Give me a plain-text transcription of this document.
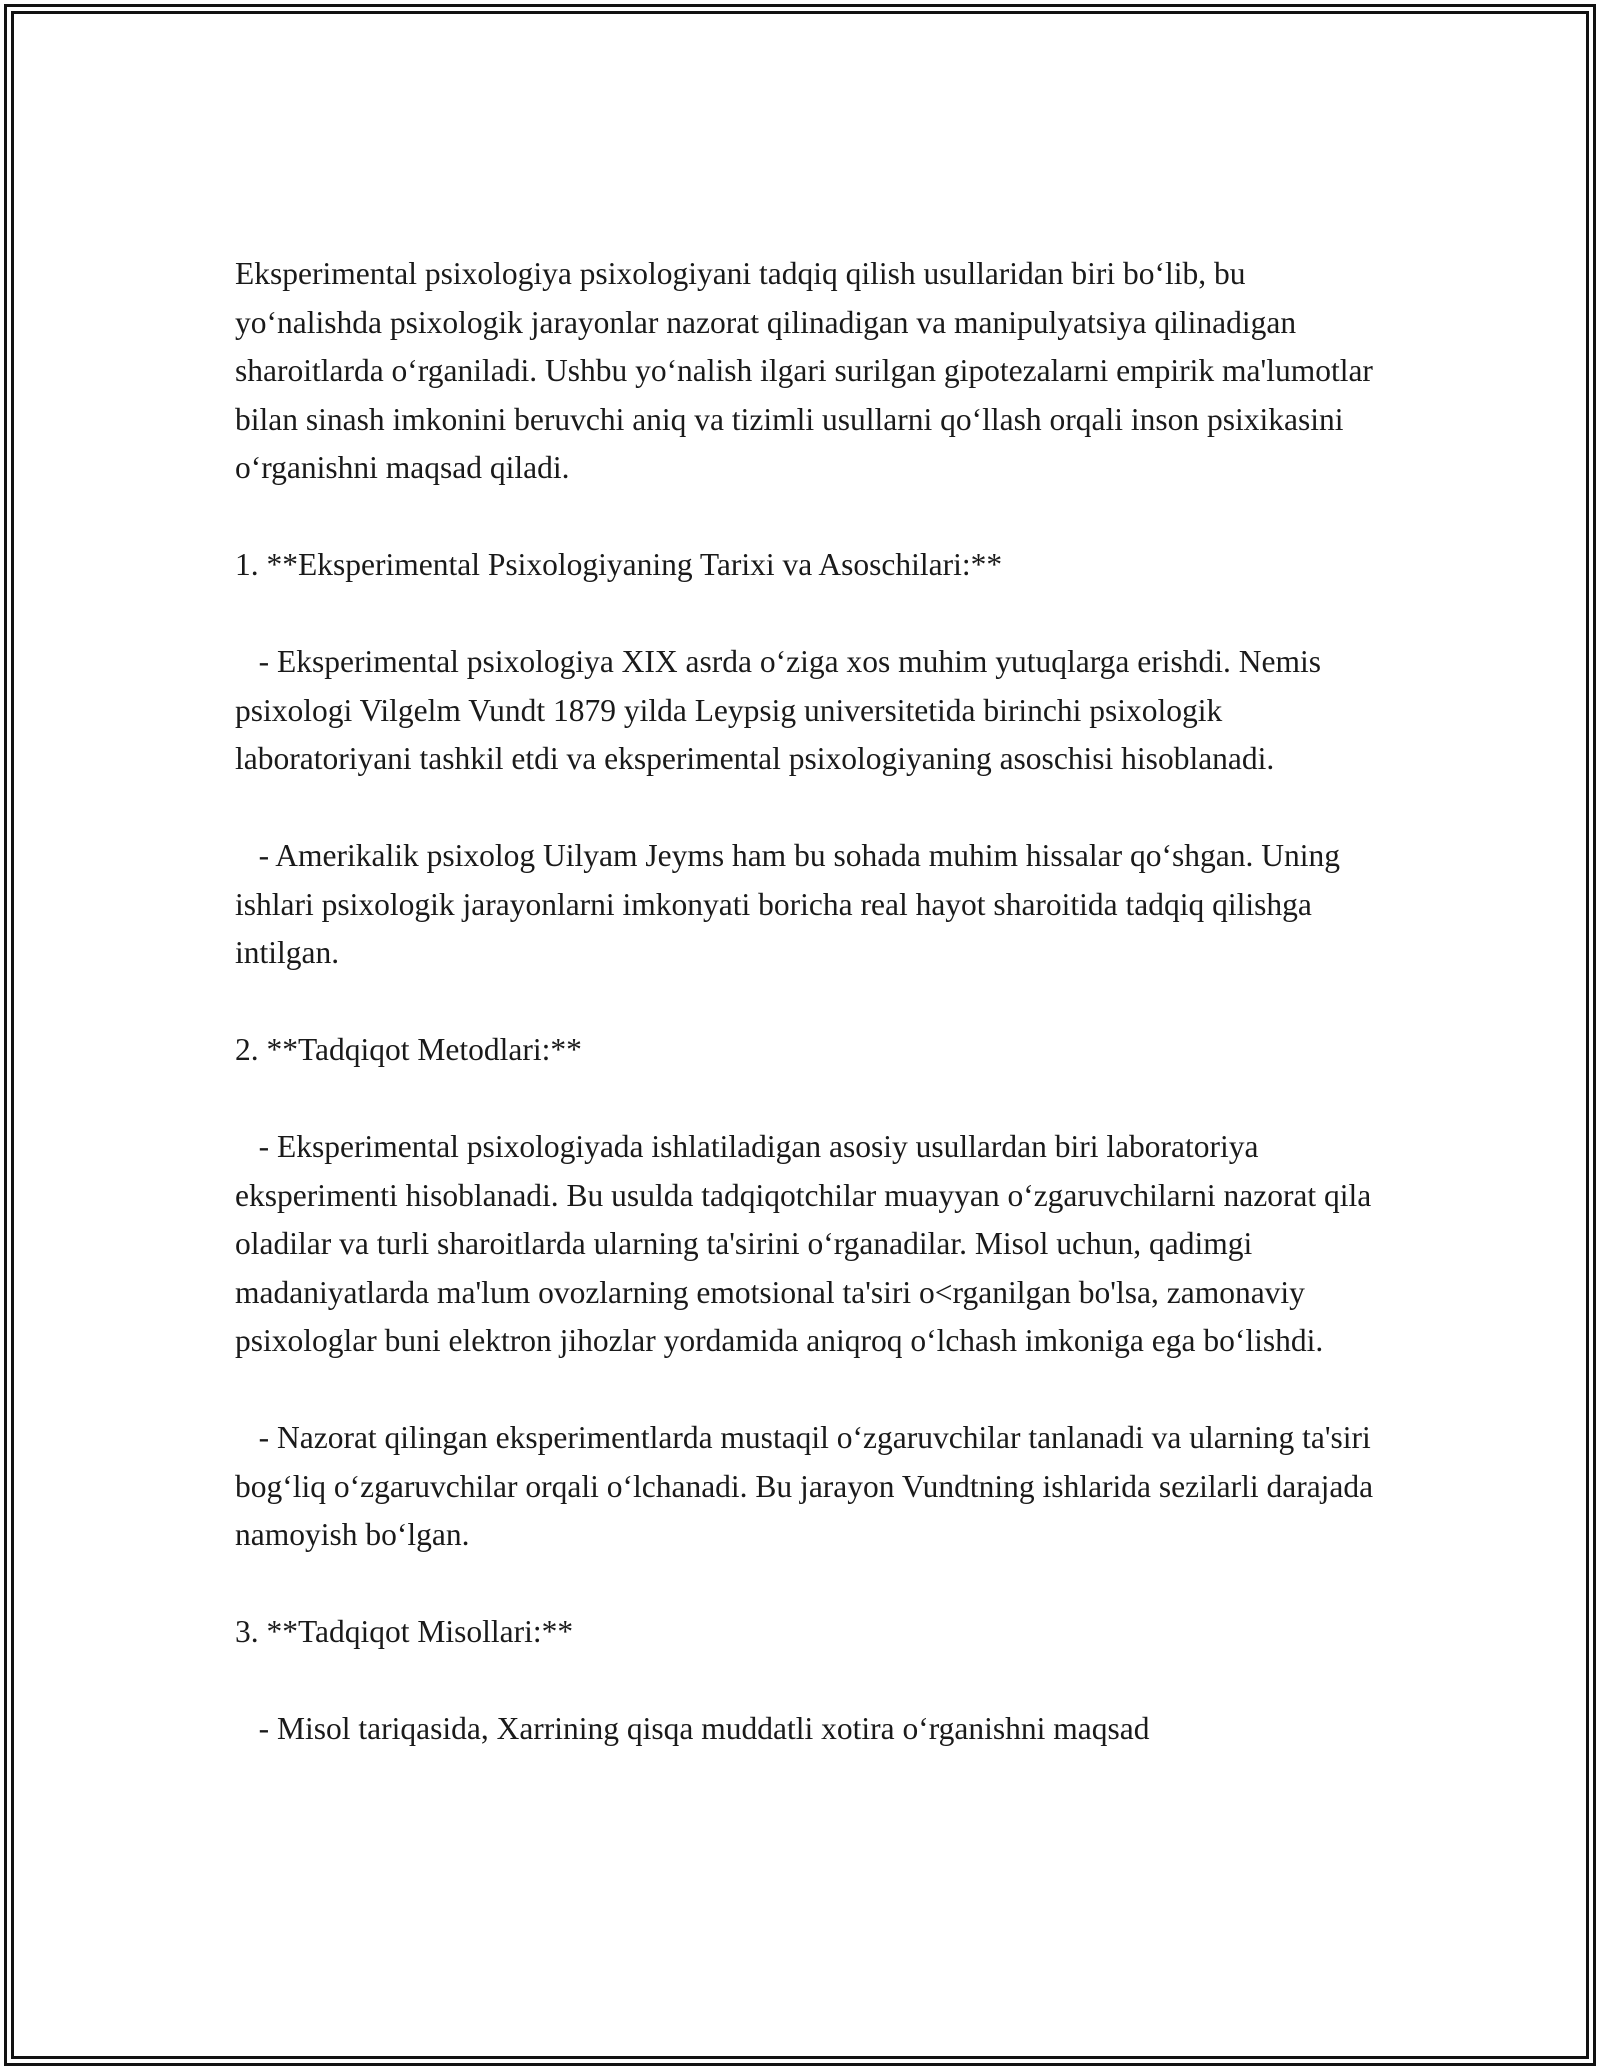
Eksperimental psixologiya psixologiyani tadqiq qilish usullaridan biri bo‘lib, bu yo‘nalishda psixologik jarayonlar nazorat qilinadigan va manipulyatsiya qilinadigan sharoitlarda o‘rganiladi. Ushbu yo‘nalish ilgari surilgan gipotezalarni empirik ma'lumotlar bilan sinash imkonini beruvchi aniq va tizimli usullarni qo‘llash orqali inson psixikasini o‘rganishni maqsad qiladi.

1. **Eksperimental Psixologiyaning Tarixi va Asoschilari:**

- Eksperimental psixologiya XIX asrda o‘ziga xos muhim yutuqlarga erishdi. Nemis psixologi Vilgelm Vundt 1879 yilda Leypsig universitetida birinchi psixologik laboratoriyani tashkil etdi va eksperimental psixologiyaning asoschisi hisoblanadi.

- Amerikalik psixolog Uilyam Jeyms ham bu sohada muhim hissalar qo‘shgan. Uning ishlari psixologik jarayonlarni imkonyati boricha real hayot sharoitida tadqiq qilishga intilgan.

2. **Tadqiqot Metodlari:**

- Eksperimental psixologiyada ishlatiladigan asosiy usullardan biri laboratoriya eksperimenti hisoblanadi. Bu usulda tadqiqotchilar muayyan o‘zgaruvchilarni nazorat qila oladilar va turli sharoitlarda ularning ta'sirini o‘rganadilar. Misol uchun, qadimgi madaniyatlarda ma'lum ovozlarning emotsional ta'siri o<rganilgan bo'lsa, zamonaviy psixologlar buni elektron jihozlar yordamida aniqroq o‘lchash imkoniga ega bo‘lishdi.

- Nazorat qilingan eksperimentlarda mustaqil o‘zgaruvchilar tanlanadi va ularning ta'siri bog‘liq o‘zgaruvchilar orqali o‘lchanadi. Bu jarayon Vundtning ishlarida sezilarli darajada namoyish bo‘lgan.

3. **Tadqiqot Misollari:**

- Misol tariqasida, Xarrining qisqa muddatli xotira o‘rganishni maqsad
